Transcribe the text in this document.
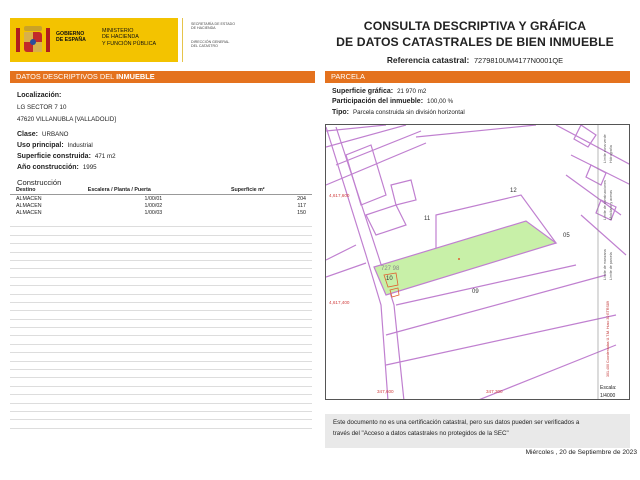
GOBIERNO
DE ESPAÑA
MINISTERIO
DE HACIENDA
Y FUNCIÓN PÚBLICA
SECRETARÍA DE ESTADO
DE HACIENDA
DIRECCIÓN GENERAL
DEL CATASTRO
CONSULTA DESCRIPTIVA Y GRÁFICA
DE DATOS CATASTRALES DE BIEN INMUEBLE
Referencia catastral: 7279810UM4177N0001QE
DATOS DESCRIPTIVOS DEL INMUEBLE
Localización:
LG SECTOR 7 10
47620 VILLANUBLA [VALLADOLID]
Clase: URBANO
Uso principal: Industrial
Superficie construida: 471 m2
Año construcción: 1995
Construcción
Destino	Escalera / Planta / Puerta	Superficie m²
ALMACEN	1/00/01	204
ALMACEN	1/00/02	117
ALMACEN	1/00/03	150
PARCELA
Superficie gráfica: 21 970 m2
Participación del inmueble: 100,00 %
Tipo: Parcela construida sin división horizontal
12
11
05
10
09
727 98
4,617,600
4,617,400
347,600	347,300
Límite de manzana Límite de parcela
Límite de construcciones Mobiliario y aceras
Límite zona verde Hidrografía
301.400 Coordenadas U.T.M. Huso 30 ETRS89
Escala:
1/4000
Este documento no es una certificación catastral, pero sus datos pueden ser verificados a
través del "Acceso a datos catastrales no protegidos de la SEC"
Miércoles , 20 de Septiembre de 2023
